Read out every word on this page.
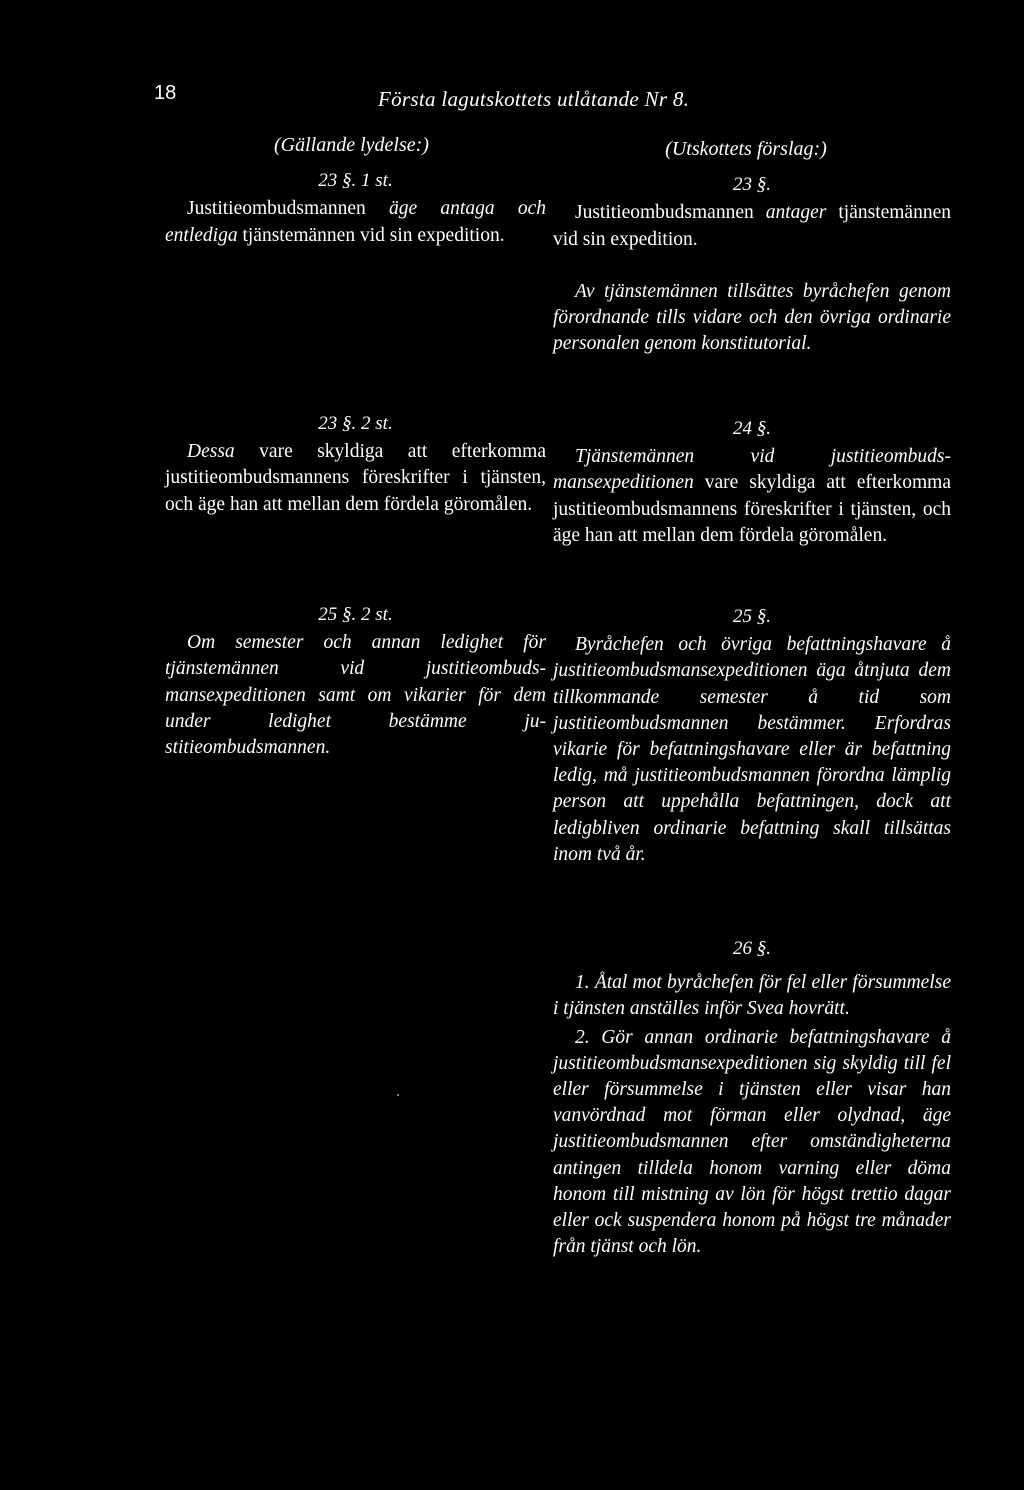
18	Första lagutskottets utlåtande Nr 8.

(Gällande lydelse:)

23 §. 1 st.

Justitieombudsmannen äge antaga och entlediga tjänstemännen vid sin expedition.

23 §. 2 st.

Dessa vare skyldiga att efterkomma justitieombudsmannens föreskrifter i tjänsten, och äge han att mellan dem fördela göromålen.

25 §. 2 st.

Om semester och annan ledighet för tjänstemännen vid justitieombudsmansexpeditionen samt om vikarier för dem under ledighet bestämme justitieombudsmannen.

(Utskottets förslag:)

23 §.

Justitieombudsmannen antager tjänstemännen vid sin expedition.

Av tjänstemännen tillsättes byråchefen genom förordnande tills vidare och den övriga ordinarie personalen genom konstitutorial.

24 §.

Tjänstemännen vid justitieombudsmansexpeditionen vare skyldiga att efterkomma justitieombudsmannens föreskrifter i tjänsten, och äge han att mellan dem fördela göromålen.

25 §.

Byråchefen och övriga befattningshavare å justitieombudsmansexpeditionen äga åtnjuta dem tillkommande semester å tid som justitieombudsmannen bestämmer. Erfordras vikarie för befattningshavare eller är befattning ledig, må justitieombudsmannen förordna lämplig person att uppehålla befattningen, dock att ledigbliven ordinarie befattning skall tillsättas inom två år.

26 §.

1. Åtal mot byråchefen för fel eller försummelse i tjänsten anställes inför Svea hovrätt.

2. Gör annan ordinarie befattningshavare å justitieombudsmansexpeditionen sig skyldig till fel eller försummelse i tjänsten eller visar han vanvördnad mot förman eller olydnad, äge justitieombudsmannen efter omständigheterna antingen tilldela honom varning eller döma honom till mistning av lön för högst trettio dagar eller ock suspendera honom på högst tre månader från tjänst och lön.
